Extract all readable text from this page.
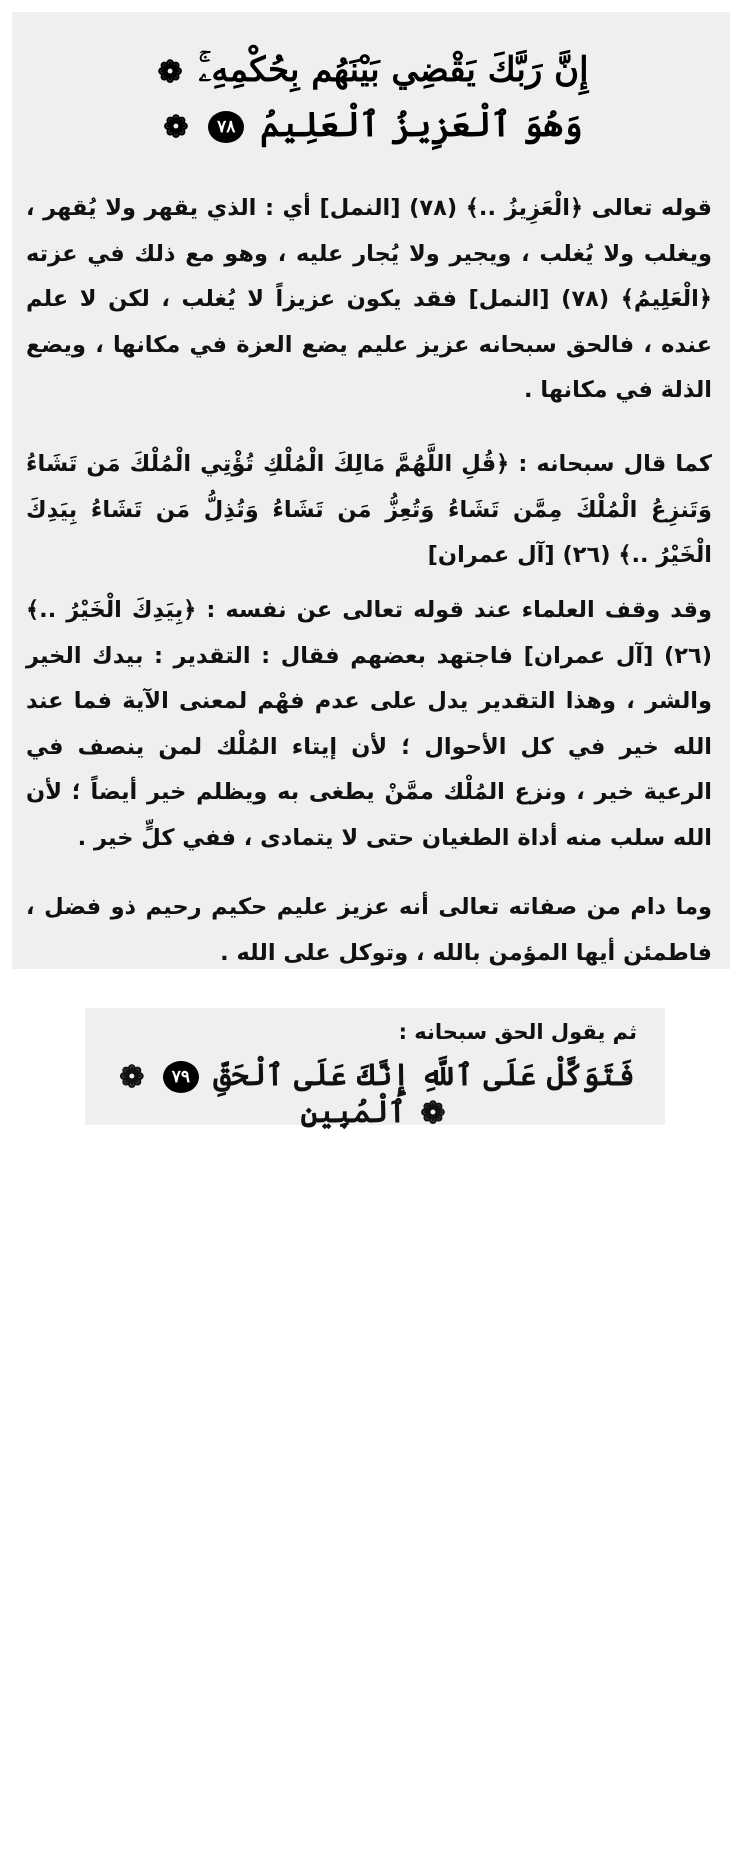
❁ إِنَّ رَبَّكَ يَقْضِي بَيْنَهُم بِحُكْمِهِۦۚ
❁ ٧٨ وَهُوَ ٱلْعَزِيزُ ٱلْعَلِيمُ
قوله تعالى ﴿الْعَزِيزُ ..﴾ (٧٨) [النمل] أي : الذي يقهر ولا يُقهر ، ويغلب ولا يُغلب ، ويجير ولا يُجار عليه ، وهو مع ذلك في عزته ﴿الْعَلِيمُ﴾ (٧٨) [النمل] فقد يكون عزيزاً لا يُغلب ، لكن لا علم عنده ، فالحق سبحانه عزيز عليم يضع العزة في مكانها ، ويضع الذلة في مكانها .
كما قال سبحانه : ﴿قُلِ اللَّهُمَّ مَالِكَ الْمُلْكِ تُؤْتِي الْمُلْكَ مَن تَشَاءُ وَتَنزِعُ الْمُلْكَ مِمَّن تَشَاءُ وَتُعِزُّ مَن تَشَاءُ وَتُذِلُّ مَن تَشَاءُ بِيَدِكَ الْخَيْرُ ..﴾ (٢٦) [آل عمران]
وقد وقف العلماء عند قوله تعالى عن نفسه : ﴿بِيَدِكَ الْخَيْرُ ..﴾ (٢٦) [آل عمران] فاجتهد بعضهم فقال : التقدير : بيدك الخير والشر ، وهذا التقدير يدل على عدم فهْم لمعنى الآية فما عند الله خير في كل الأحوال ؛ لأن إيتاء المُلْك لمن ينصف في الرعية خير ، ونزع المُلْك ممَّنْ يطغى به ويظلم خير أيضاً ؛ لأن الله سلب منه أداة الطغيان حتى لا يتمادى ، ففي كلٍّ خير .
وما دام من صفاته تعالى أنه عزيز عليم حكيم رحيم ذو فضل ، فاطمئن أيها المؤمن بالله ، وتوكل على الله .
ثم يقول الحق سبحانه :
❁ ٧٩ فَتَوَكَّلْ عَلَى ٱللَّهِ إِنَّكَ عَلَى ٱلْحَقِّ ٱلْمُبِينِ ❁
